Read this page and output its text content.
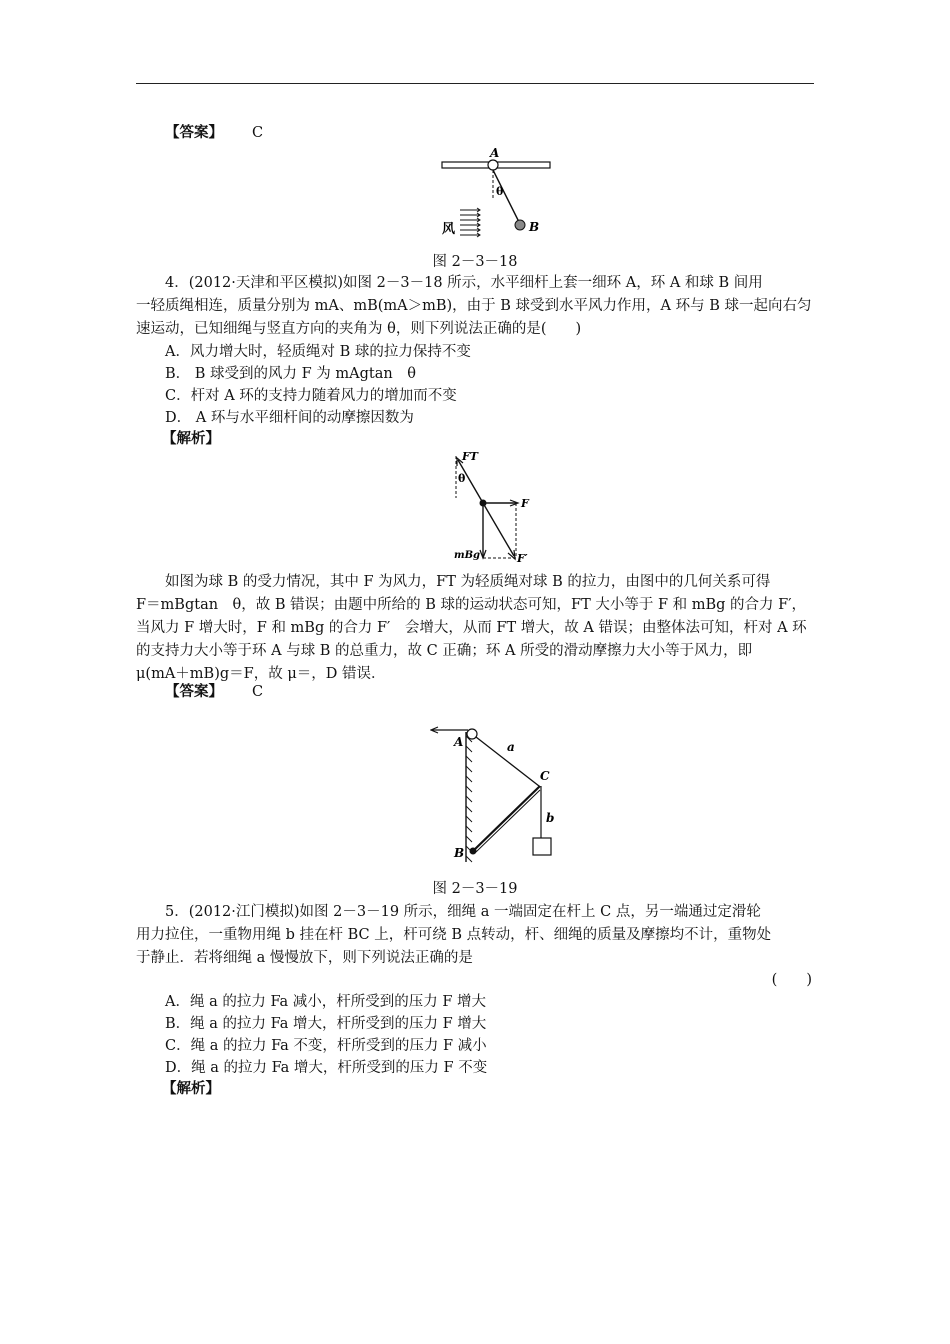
【答案】 C
A
B
θ
风
图 2－3－18
4．(2012·天津和平区模拟)如图 2－3－18 所示，水平细杆上套一细环 A，环 A 和球 B 间用
一轻质绳相连，质量分别为 mA、mB(mA＞mB)，由于 B 球受到水平风力作用，A 环与 B 球一起向右匀
速运动，已知细绳与竖直方向的夹角为 θ，则下列说法正确的是(　　)
A．风力增大时，轻质绳对 B 球的拉力保持不变
B． B 球受到的风力 F 为 mAgtan　θ
C．杆对 A 环的支持力随着风力的增加而不变
D． A 环与水平细杆间的动摩擦因数为
【解析】
FT
θ
F
mBg	F′
如图为球 B 的受力情况，其中 F 为风力，FT 为轻质绳对球 B 的拉力，由图中的几何关系可得
F＝mBgtan　θ，故 B 错误；由题中所给的 B 球的运动状态可知，FT 大小等于 F 和 mBg 的合力 F′，
当风力 F 增大时，F 和 mBg 的合力 F′　会增大，从而 FT 增大，故 A 错误；由整体法可知，杆对 A 环
的支持力大小等于环 A 与球 B 的总重力，故 C 正确；环 A 所受的滑动摩擦力大小等于风力，即
μ(mA＋mB)g＝F，故 μ＝，D 错误．
【答案】 C
A
B
C
a
b
图 2－3－19
5．(2012·江门模拟)如图 2－3－19 所示，细绳 a 一端固定在杆上 C 点，另一端通过定滑轮
用力拉住，一重物用绳 b 挂在杆 BC 上，杆可绕 B 点转动，杆、细绳的质量及摩擦均不计，重物处
于静止．若将细绳 a 慢慢放下，则下列说法正确的是
(　　)
A．绳 a 的拉力 Fa 减小，杆所受到的压力 F 增大
B．绳 a 的拉力 Fa 增大，杆所受到的压力 F 增大
C．绳 a 的拉力 Fa 不变，杆所受到的压力 F 减小
D．绳 a 的拉力 Fa 增大，杆所受到的压力 F 不变
【解析】
